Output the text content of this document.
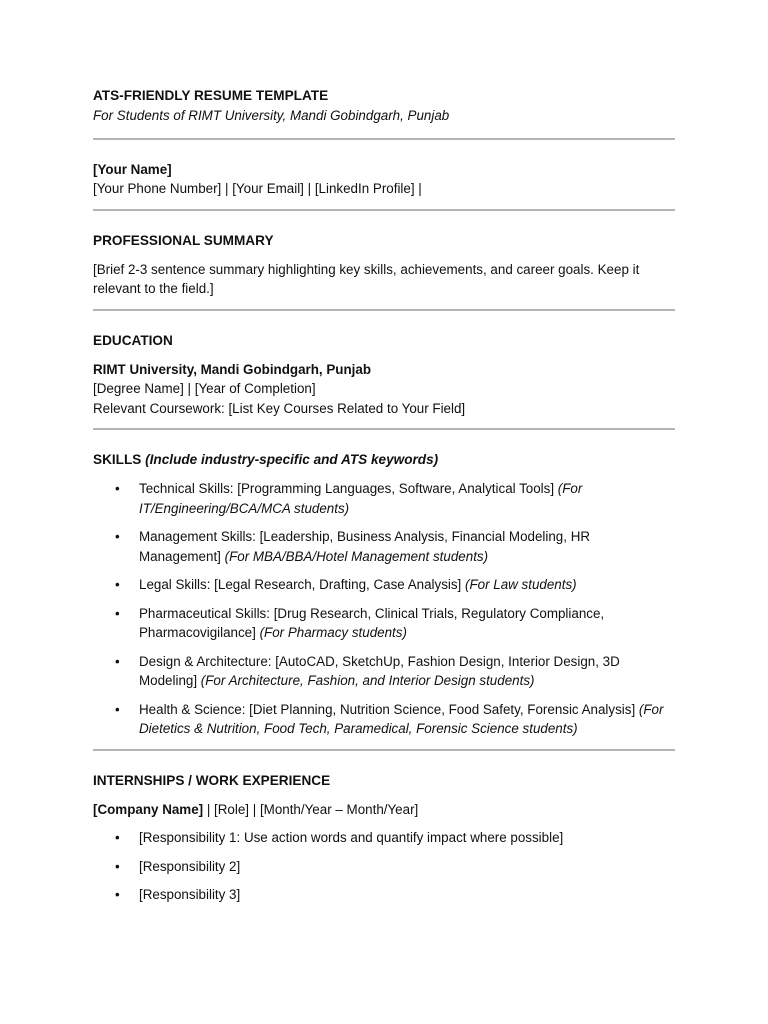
ATS-FRIENDLY RESUME TEMPLATE
For Students of RIMT University, Mandi Gobindgarh, Punjab
[Your Name]
[Your Phone Number] | [Your Email] | [LinkedIn Profile] |
PROFESSIONAL SUMMARY
[Brief 2-3 sentence summary highlighting key skills, achievements, and career goals. Keep it relevant to the field.]
EDUCATION
RIMT University, Mandi Gobindgarh, Punjab
[Degree Name] | [Year of Completion]
Relevant Coursework: [List Key Courses Related to Your Field]
SKILLS (Include industry-specific and ATS keywords)
• Technical Skills: [Programming Languages, Software, Analytical Tools] (For IT/Engineering/BCA/MCA students)
• Management Skills: [Leadership, Business Analysis, Financial Modeling, HR Management] (For MBA/BBA/Hotel Management students)
• Legal Skills: [Legal Research, Drafting, Case Analysis] (For Law students)
• Pharmaceutical Skills: [Drug Research, Clinical Trials, Regulatory Compliance, Pharmacovigilance] (For Pharmacy students)
• Design & Architecture: [AutoCAD, SketchUp, Fashion Design, Interior Design, 3D Modeling] (For Architecture, Fashion, and Interior Design students)
• Health & Science: [Diet Planning, Nutrition Science, Food Safety, Forensic Analysis] (For Dietetics & Nutrition, Food Tech, Paramedical, Forensic Science students)
INTERNSHIPS / WORK EXPERIENCE
[Company Name] | [Role] | [Month/Year – Month/Year]
• [Responsibility 1: Use action words and quantify impact where possible]
• [Responsibility 2]
• [Responsibility 3]
